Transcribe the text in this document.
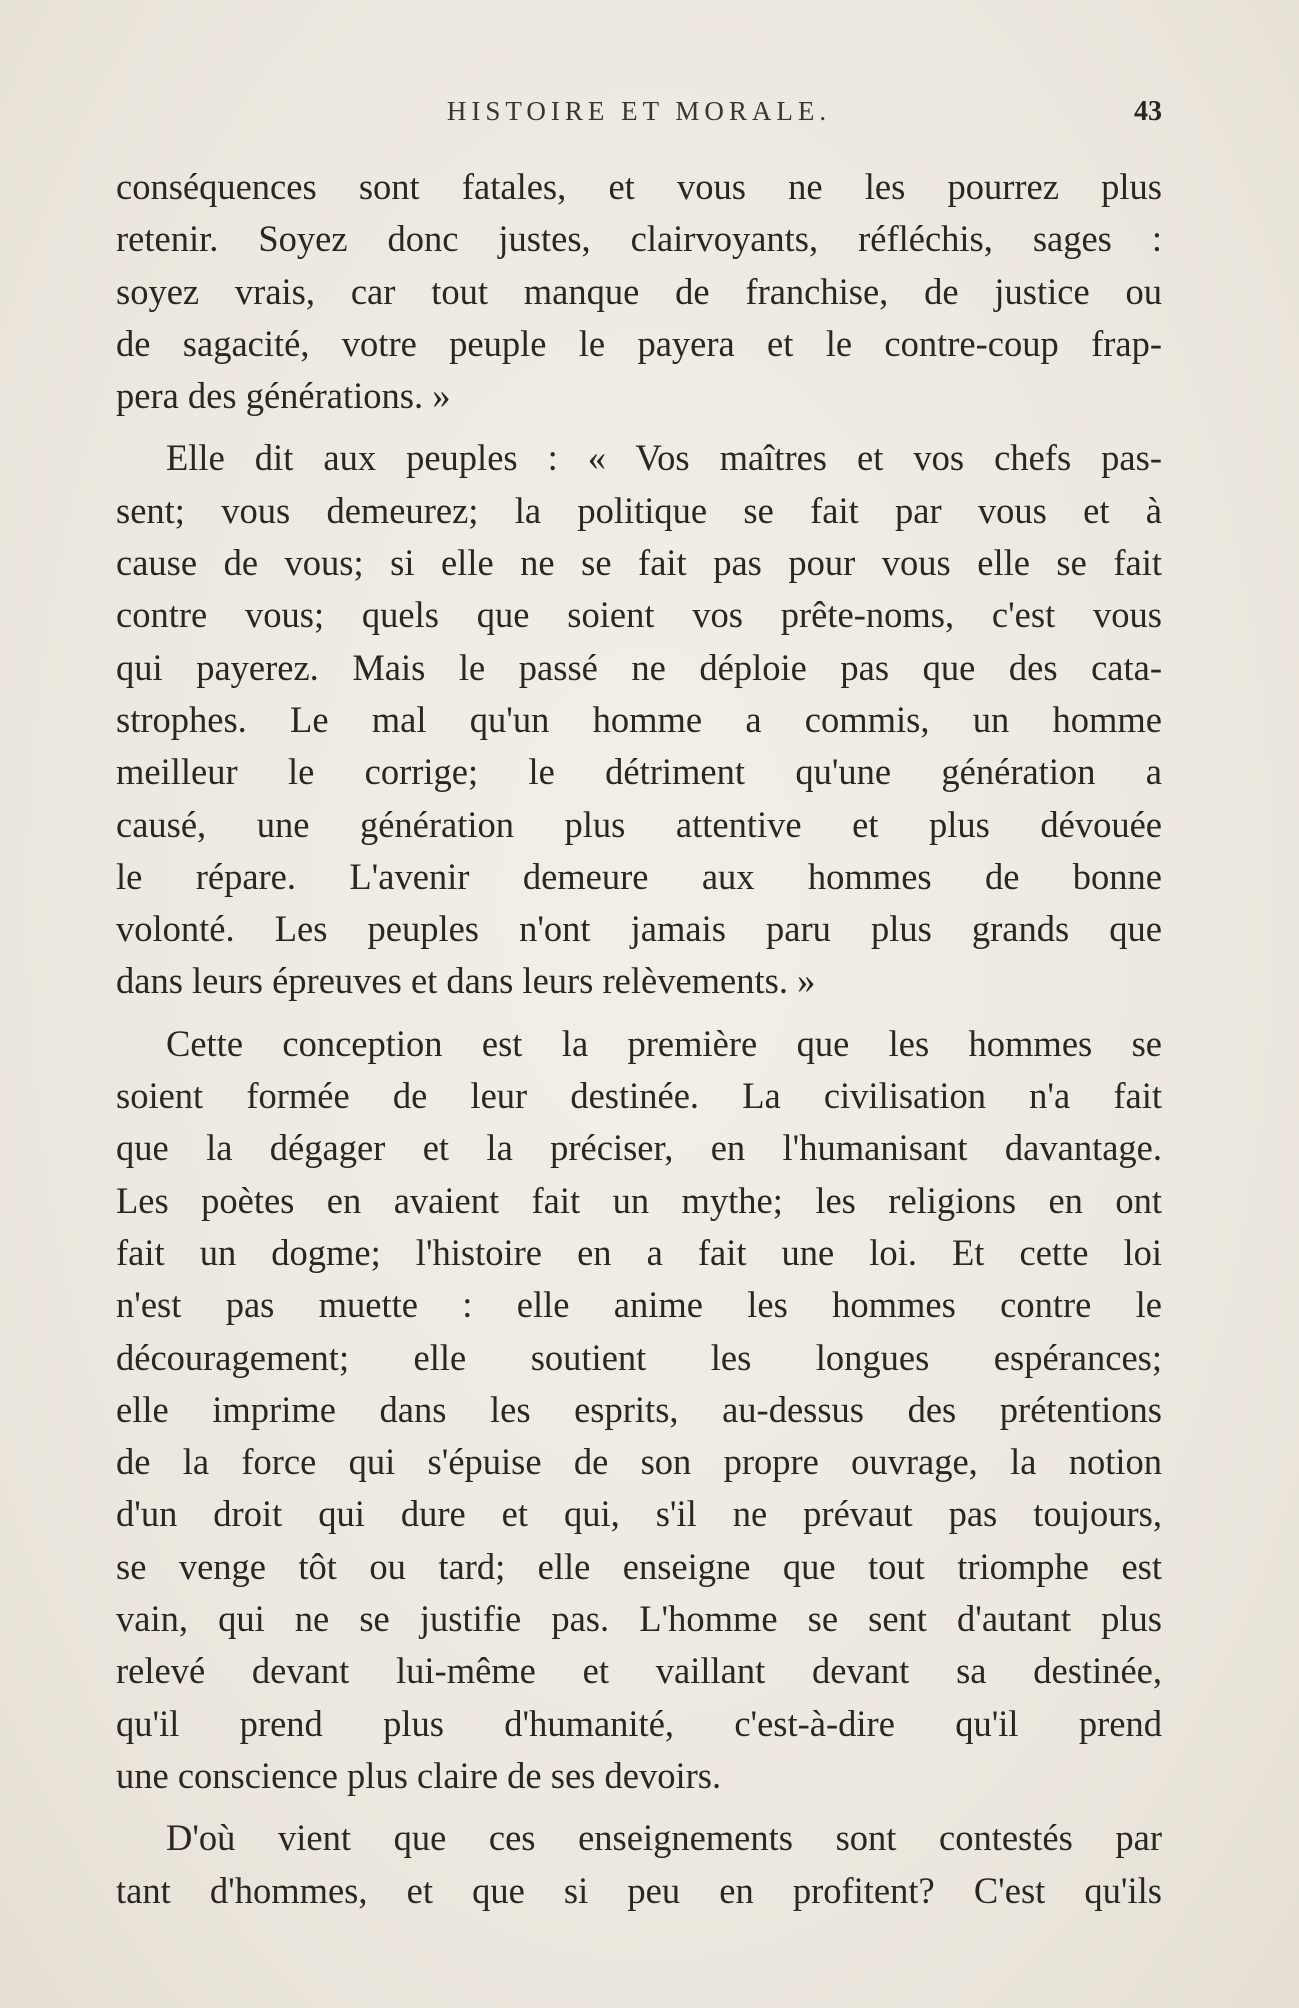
HISTOIRE ET MORALE.	43
conséquences sont fatales, et vous ne les pourrez plus
retenir. Soyez donc justes, clairvoyants, réfléchis, sages :
soyez vrais, car tout manque de franchise, de justice ou
de sagacité, votre peuple le payera et le contre-coup frap-
pera des générations. »
Elle dit aux peuples : « Vos maîtres et vos chefs pas-
sent; vous demeurez; la politique se fait par vous et à
cause de vous; si elle ne se fait pas pour vous elle se fait
contre vous; quels que soient vos prête-noms, c'est vous
qui payerez. Mais le passé ne déploie pas que des cata-
strophes. Le mal qu'un homme a commis, un homme
meilleur le corrige; le détriment qu'une génération a
causé, une génération plus attentive et plus dévouée
le répare. L'avenir demeure aux hommes de bonne
volonté. Les peuples n'ont jamais paru plus grands que
dans leurs épreuves et dans leurs relèvements. »
Cette conception est la première que les hommes se
soient formée de leur destinée. La civilisation n'a fait
que la dégager et la préciser, en l'humanisant davantage.
Les poètes en avaient fait un mythe; les religions en ont
fait un dogme; l'histoire en a fait une loi. Et cette loi
n'est pas muette : elle anime les hommes contre le
découragement; elle soutient les longues espérances;
elle imprime dans les esprits, au-dessus des prétentions
de la force qui s'épuise de son propre ouvrage, la notion
d'un droit qui dure et qui, s'il ne prévaut pas toujours,
se venge tôt ou tard; elle enseigne que tout triomphe est
vain, qui ne se justifie pas. L'homme se sent d'autant plus
relevé devant lui-même et vaillant devant sa destinée,
qu'il prend plus d'humanité, c'est-à-dire qu'il prend
une conscience plus claire de ses devoirs.
D'où vient que ces enseignements sont contestés par
tant d'hommes, et que si peu en profitent? C'est qu'ils
